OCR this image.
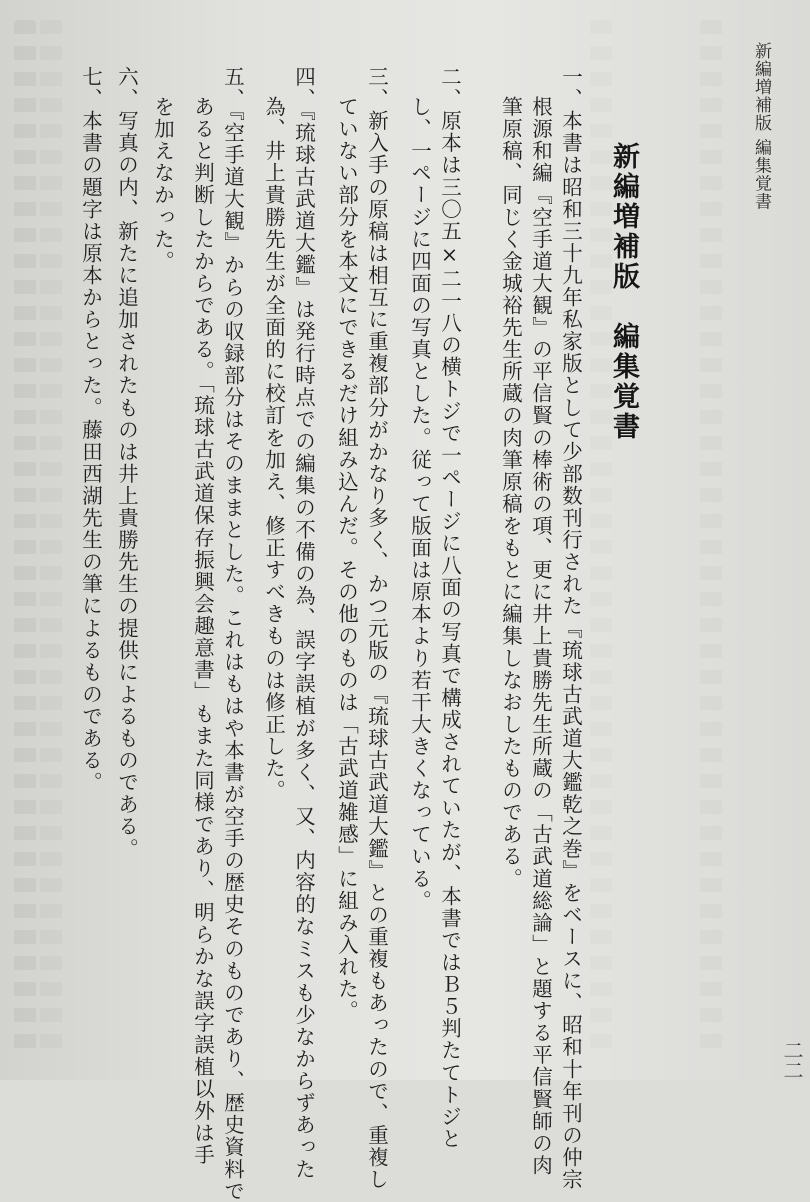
新編増補版 編集覚書
新編増補版　編集覚書
一、本書は昭和三十九年私家版として少部数刊行された『琉球古武道大鑑乾之巻』をベースに、昭和十年刊の仲宗
根源和編『空手道大観』の平信賢の棒術の項、更に井上貴勝先生所蔵の「古武道総論」と題する平信賢師の肉
筆原稿、同じく金城裕先生所蔵の肉筆原稿をもとに編集しなおしたものである。
二、原本は三〇五×二一八の横トジで一ページに八面の写真で構成されていたが、本書ではＢ５判たてトジと
し、一ページに四面の写真とした。従って版面は原本より若干大きくなっている。
三、新入手の原稿は相互に重複部分がかなり多く、かつ元版の『琉球古武道大鑑』との重複もあったので、重複し
ていない部分を本文にできるだけ組み込んだ。その他のものは「古武道雑感」に組み入れた。
四、『琉球古武道大鑑』は発行時点での編集の不備の為、誤字誤植が多く、又、内容的なミスも少なからずあった
為、井上貴勝先生が全面的に校訂を加え、修正すべきものは修正した。
五、『空手道大観』からの収録部分はそのままとした。これはもはや本書が空手の歴史そのものであり、歴史資料で
あると判断したからである。「琉球古武道保存振興会趣意書」もまた同様であり、明らかな誤字誤植以外は手
を加えなかった。
六、写真の内、新たに追加されたものは井上貴勝先生の提供によるものである。
七、本書の題字は原本からとった。藤田西湖先生の筆によるものである。
二二
